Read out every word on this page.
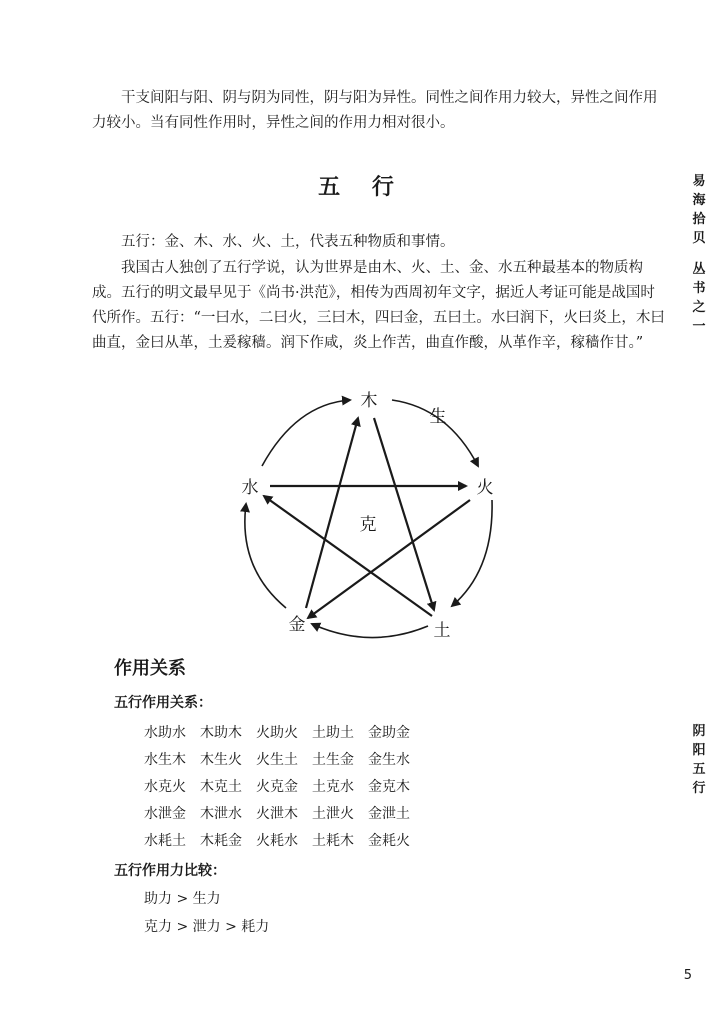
干支间阳与阳、阴与阴为同性，阴与阳为异性。同性之间作用力较大，异性之间作用力较小。当有同性作用时，异性之间的作用力相对很小。

五 行

五行：金、木、水、火、土，代表五种物质和事情。

我国古人独创了五行学说，认为世界是由木、火、土、金、水五种最基本的物质构成。五行的明文最早见于《尚书·洪范》，相传为西周初年文字，据近人考证可能是战国时代所作。五行：“一曰水，二曰火，三曰木，四曰金，五曰土。水曰润下，火曰炎上，木曰曲直，金曰从革，土爰稼穑。润下作咸，炎上作苦，曲直作酸，从革作辛，稼穑作甘。”

易
海
拾
贝
丛
书
之
一
阴
阳
五
行
木
火
土
金
水
生
克
作用关系
五行作用关系：
水助水	木助木	火助火	土助土	金助金
水生木	木生火	火生土	土生金	金生水
水克火	木克土	火克金	土克水	金克木
水泄金	木泄水	火泄木	土泄火	金泄土
水耗土	木耗金	火耗水	土耗木	金耗火
五行作用力比较：
助力 > 生力
克力 > 泄力 > 耗力
5
